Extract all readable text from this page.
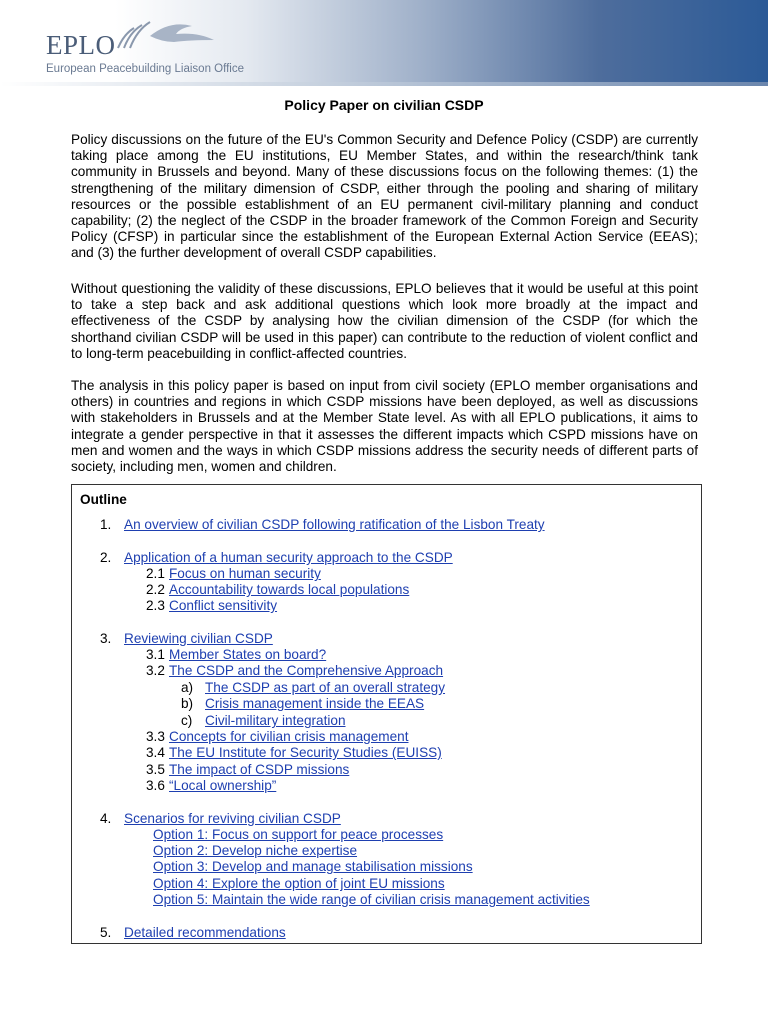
EPLO
European Peacebuilding Liaison Office
Policy Paper on civilian CSDP

Policy discussions on the future of the EU's Common Security and Defence Policy (CSDP) are currently taking place among the EU institutions, EU Member States, and within the research/think tank community in Brussels and beyond. Many of these discussions focus on the following themes: (1) the strengthening of the military dimension of CSDP, either through the pooling and sharing of military resources or the possible establishment of an EU permanent civil-military planning and conduct capability; (2) the neglect of the CSDP in the broader framework of the Common Foreign and Security Policy (CFSP) in particular since the establishment of the European External Action Service (EEAS); and (3) the further development of overall CSDP capabilities.

Without questioning the validity of these discussions, EPLO believes that it would be useful at this point to take a step back and ask additional questions which look more broadly at the impact and effectiveness of the CSDP by analysing how the civilian dimension of the CSDP (for which the shorthand civilian CSDP will be used in this paper) can contribute to the reduction of violent conflict and to long-term peacebuilding in conflict-affected countries.

The analysis in this policy paper is based on input from civil society (EPLO member organisations and others) in countries and regions in which CSDP missions have been deployed, as well as discussions with stakeholders in Brussels and at the Member State level. As with all EPLO publications, it aims to integrate a gender perspective in that it assesses the different impacts which CSPD missions have on men and women and the ways in which CSDP missions address the security needs of different parts of society, including men, women and children.

Outline
1. An overview of civilian CSDP following ratification of the Lisbon Treaty
2. Application of a human security approach to the CSDP
2.1 Focus on human security
2.2 Accountability towards local populations
2.3 Conflict sensitivity
3. Reviewing civilian CSDP
3.1 Member States on board?
3.2 The CSDP and the Comprehensive Approach
a) The CSDP as part of an overall strategy
b) Crisis management inside the EEAS
c) Civil-military integration
3.3 Concepts for civilian crisis management
3.4 The EU Institute for Security Studies (EUISS)
3.5 The impact of CSDP missions
3.6 “Local ownership”
4. Scenarios for reviving civilian CSDP
Option 1: Focus on support for peace processes
Option 2: Develop niche expertise
Option 3: Develop and manage stabilisation missions
Option 4: Explore the option of joint EU missions
Option 5: Maintain the wide range of civilian crisis management activities
5. Detailed recommendations
